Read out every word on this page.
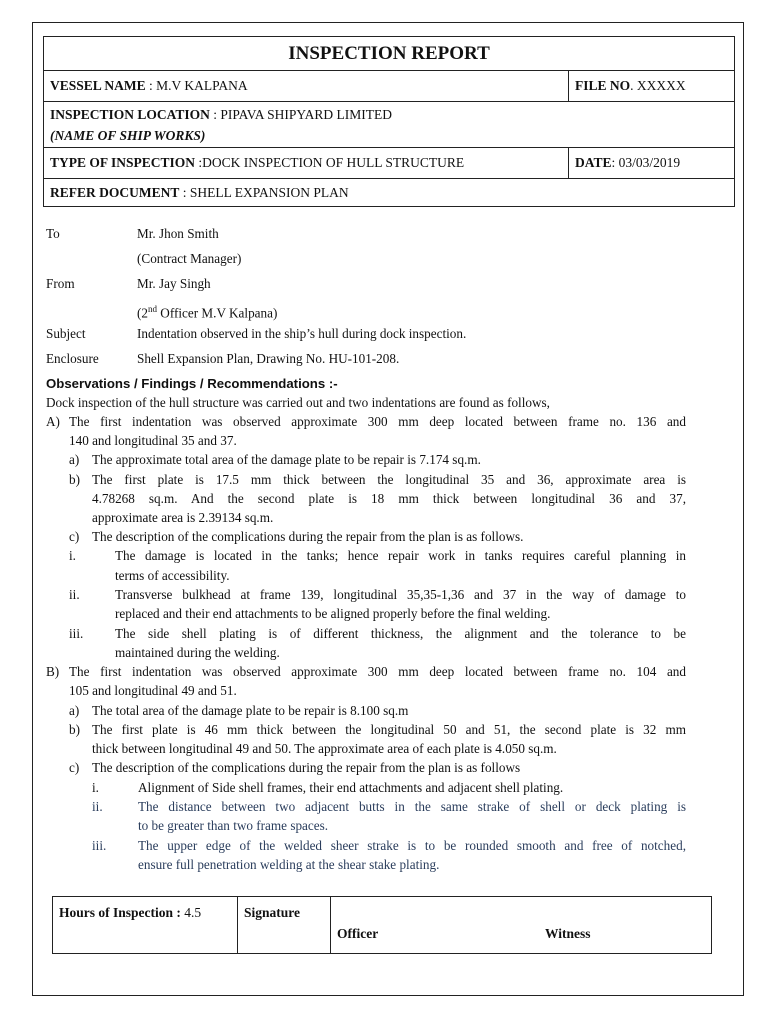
INSPECTION REPORT	
VESSEL NAME : M.V KALPANA	FILE NO. XXXXX

INSPECTION LOCATION : PIPAVA SHIPYARD LIMITED
(NAME OF SHIP WORKS)	

TYPE OF INSPECTION :DOCK INSPECTION OF HULL STRUCTURE	DATE: 03/03/2019
REFER DOCUMENT : SHELL EXPANSION PLAN	
To	Mr. Jhon Smith
(Contract Manager)
From	Mr. Jay Singh
(2nd Officer M.V Kalpana)
Subject	Indentation observed in the ship’s hull during dock inspection.
Enclosure	Shell Expansion Plan, Drawing No. HU-101-208.
Observations / Findings / Recommendations :-
Dock inspection of the hull structure was carried out and two indentations are found as follows,
A) The first indentation was observed approximate 300 mm deep located between frame no. 136 and
140 and longitudinal 35 and 37.
a) The approximate total area of the damage plate to be repair is 7.174 sq.m.
b) The first plate is 17.5 mm thick between the longitudinal 35 and 36, approximate area is
4.78268 sq.m. And the second plate is 18 mm thick between longitudinal 36 and 37,
approximate area is 2.39134 sq.m.
c) The description of the complications during the repair from the plan is as follows.
i.	The damage is located in the tanks; hence repair work in tanks requires careful planning in
terms of accessibility.
ii.	Transverse bulkhead at frame 139, longitudinal 35,35-1,36 and 37 in the way of damage to
replaced and their end attachments to be aligned properly before the final welding.
iii. The side shell plating is of different thickness, the alignment and the tolerance to be
maintained during the welding.
B) The first indentation was observed approximate 300 mm deep located between frame no. 104 and
105 and longitudinal 49 and 51.
a) The total area of the damage plate to be repair is 8.100 sq.m
b) The first plate is 46 mm thick between the longitudinal 50 and 51, the second plate is 32 mm
thick between longitudinal 49 and 50. The approximate area of each plate is 4.050 sq.m.
c) The description of the complications during the repair from the plan is as follows
i.	Alignment of Side shell frames, their end attachments and adjacent shell plating.
ii.	The distance between two adjacent butts in the same strake of shell or deck plating is
to be greater than two frame spaces.
iii. The upper edge of the welded sheer strake is to be rounded smooth and free of notched,
ensure full penetration welding at the shear stake plating.
Hours of Inspection : 4.5	Signature	
Officer	Witness
